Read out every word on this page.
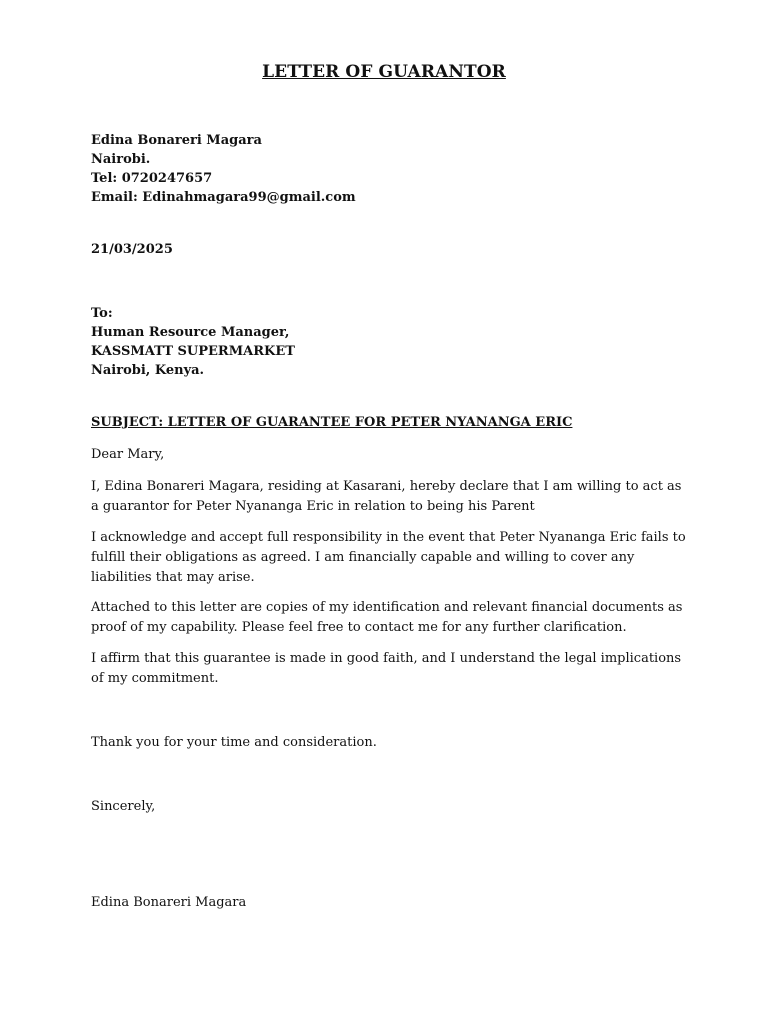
LETTER OF GUARANTOR
Edina Bonareri Magara
Nairobi.
Tel: 0720247657
Email: Edinahmagara99@gmail.com
21/03/2025
To:
Human Resource Manager,
KASSMATT SUPERMARKET
Nairobi, Kenya.
SUBJECT: LETTER OF GUARANTEE FOR PETER NYANANGA ERIC

Dear Mary,

I, Edina Bonareri Magara, residing at Kasarani, hereby declare that I am willing to act as a guarantor for Peter Nyananga Eric in relation to being his Parent

I acknowledge and accept full responsibility in the event that Peter Nyananga Eric fails to fulfill their obligations as agreed. I am financially capable and willing to cover any liabilities that may arise.

Attached to this letter are copies of my identification and relevant financial documents as proof of my capability. Please feel free to contact me for any further clarification.

I affirm that this guarantee is made in good faith, and I understand the legal implications of my commitment.

Thank you for your time and consideration.

Sincerely,

Edina Bonareri Magara
